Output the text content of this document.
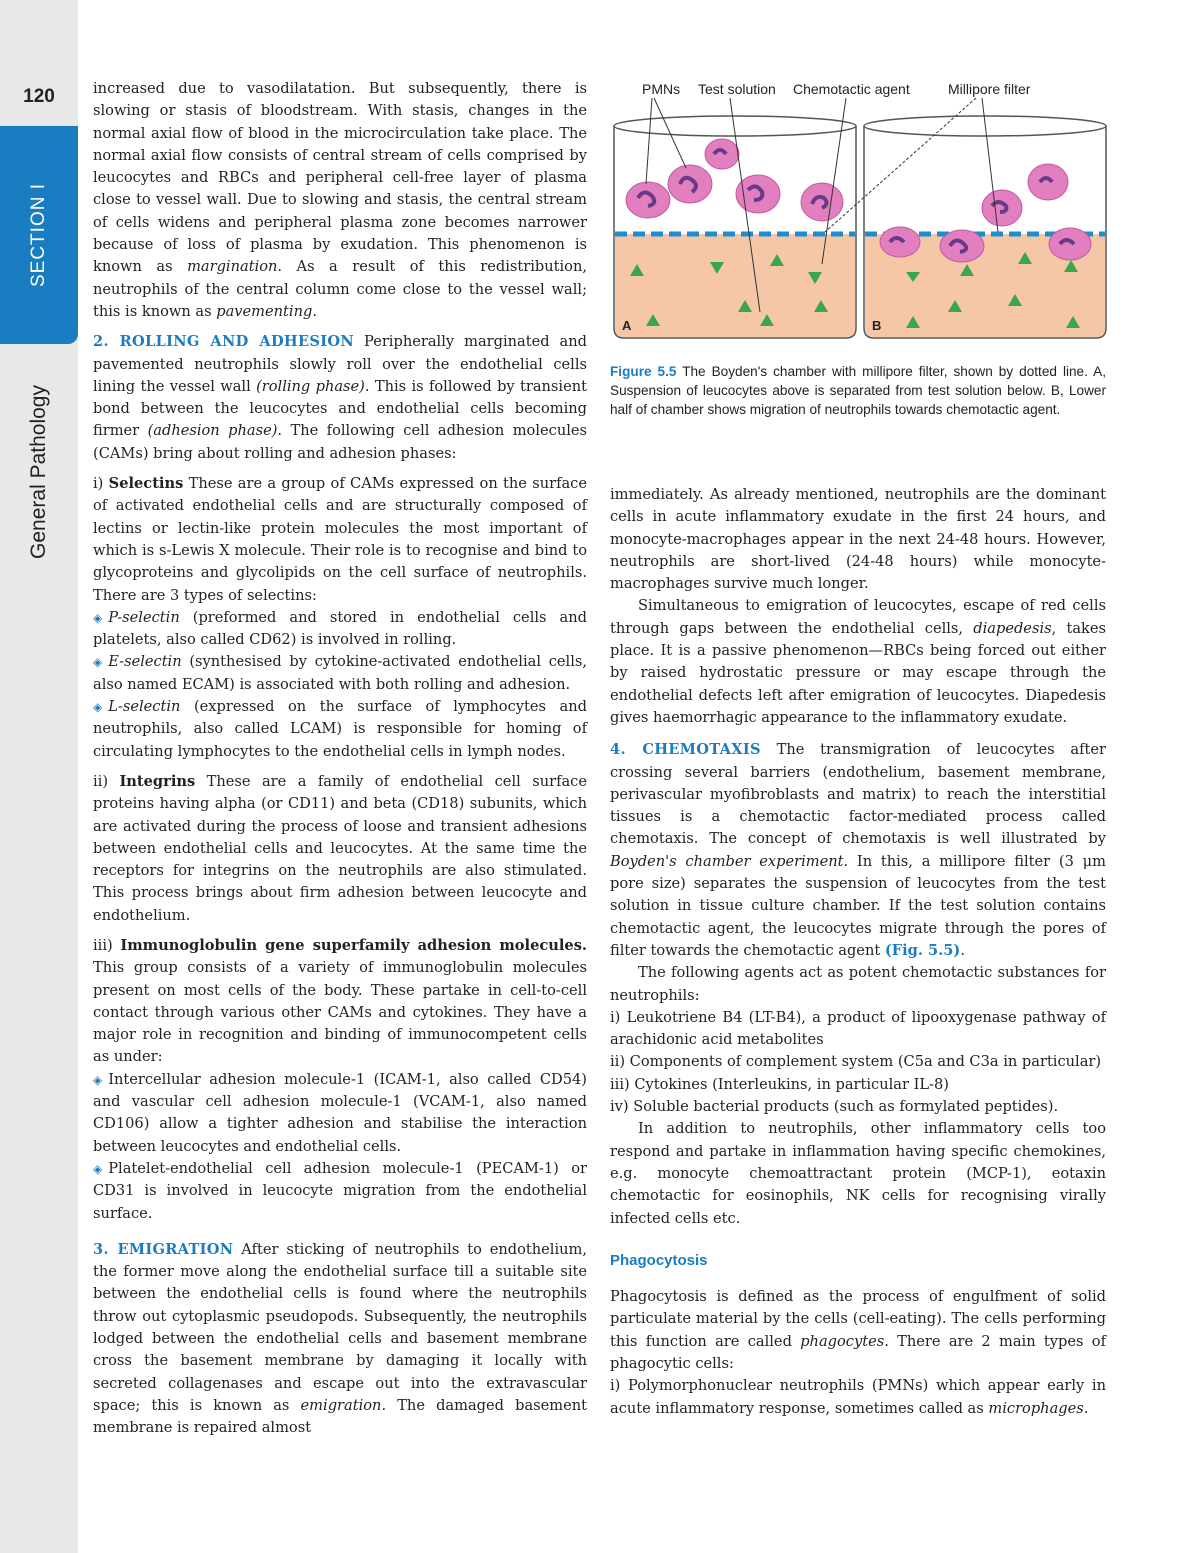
120
SECTION I
General Pathology

increased due to vasodilatation. But subsequently, there is slowing or stasis of bloodstream. With stasis, changes in the normal axial flow of blood in the microcirculation take place. The normal axial flow consists of central stream of cells comprised by leucocytes and RBCs and peripheral cell-free layer of plasma close to vessel wall. Due to slowing and stasis, the central stream of cells widens and peripheral plasma zone becomes narrower because of loss of plasma by exudation. This phenomenon is known as margination. As a result of this redistribution, neutrophils of the central column come close to the vessel wall; this is known as pavementing.

2. ROLLING AND ADHESION Peripherally marginated and pavemented neutrophils slowly roll over the endothelial cells lining the vessel wall (rolling phase). This is followed by transient bond between the leucocytes and endothelial cells becoming firmer (adhesion phase). The following cell adhesion molecules (CAMs) bring about rolling and adhesion phases:

i) Selectins These are a group of CAMs expressed on the surface of activated endothelial cells and are structurally composed of lectins or lectin-like protein molecules the most important of which is s-Lewis X molecule. Their role is to recognise and bind to glycoproteins and glycolipids on the cell surface of neutrophils. There are 3 types of selectins:

◈ P-selectin (preformed and stored in endothelial cells and platelets, also called CD62) is involved in rolling.

◈ E-selectin (synthesised by cytokine-activated endothelial cells, also named ECAM) is associated with both rolling and adhesion.

◈ L-selectin (expressed on the surface of lymphocytes and neutrophils, also called LCAM) is responsible for homing of circulating lymphocytes to the endothelial cells in lymph nodes.

ii) Integrins These are a family of endothelial cell surface proteins having alpha (or CD11) and beta (CD18) subunits, which are activated during the process of loose and transient adhesions between endothelial cells and leucocytes. At the same time the receptors for integrins on the neutrophils are also stimulated. This process brings about firm adhesion between leucocyte and endothelium.

iii) Immunoglobulin gene superfamily adhesion molecules. This group consists of a variety of immunoglobulin molecules present on most cells of the body. These partake in cell-to-cell contact through various other CAMs and cytokines. They have a major role in recognition and binding of immunocompetent cells as under:

◈ Intercellular adhesion molecule-1 (ICAM-1, also called CD54) and vascular cell adhesion molecule-1 (VCAM-1, also named CD106) allow a tighter adhesion and stabilise the interaction between leucocytes and endothelial cells.

◈ Platelet-endothelial cell adhesion molecule-1 (PECAM-1) or CD31 is involved in leucocyte migration from the endothelial surface.

3. EMIGRATION After sticking of neutrophils to endothelium, the former move along the endothelial surface till a suitable site between the endothelial cells is found where the neutrophils throw out cytoplasmic pseudopods. Subsequently, the neutrophils lodged between the endothelial cells and basement membrane cross the basement membrane by damaging it locally with secreted collagenases and escape out into the extravascular space; this is known as emigration. The damaged basement membrane is repaired almost

PMNs Test solution Chemotactic agent	Millipore filter
A	B
Figure 5.5 The Boyden's chamber with millipore filter, shown by dotted line. A, Suspension of leucocytes above is separated from test solution below. B, Lower half of chamber shows migration of neutrophils towards chemotactic agent.

immediately. As already mentioned, neutrophils are the dominant cells in acute inflammatory exudate in the first 24 hours, and monocyte-macrophages appear in the next 24-48 hours. However, neutrophils are short-lived (24-48 hours) while monocyte-macrophages survive much longer.

Simultaneous to emigration of leucocytes, escape of red cells through gaps between the endothelial cells, diapedesis, takes place. It is a passive phenomenon—RBCs being forced out either by raised hydrostatic pressure or may escape through the endothelial defects left after emigration of leucocytes. Diapedesis gives haemorrhagic appearance to the inflammatory exudate.

4. CHEMOTAXIS The transmigration of leucocytes after crossing several barriers (endothelium, basement membrane, perivascular myofibroblasts and matrix) to reach the interstitial tissues is a chemotactic factor-mediated process called chemotaxis. The concept of chemotaxis is well illustrated by Boyden's chamber experiment. In this, a millipore filter (3 μm pore size) separates the suspension of leucocytes from the test solution in tissue culture chamber. If the test solution contains chemotactic agent, the leucocytes migrate through the pores of filter towards the chemotactic agent (Fig. 5.5).

The following agents act as potent chemotactic substances for neutrophils:

i) Leukotriene B4 (LT-B4), a product of lipooxygenase pathway of arachidonic acid metabolites

ii) Components of complement system (C5a and C3a in particular)

iii) Cytokines (Interleukins, in particular IL-8)

iv) Soluble bacterial products (such as formylated peptides).

In addition to neutrophils, other inflammatory cells too respond and partake in inflammation having specific chemokines, e.g. monocyte chemoattractant protein (MCP-1), eotaxin chemotactic for eosinophils, NK cells for recognising virally infected cells etc.

Phagocytosis

Phagocytosis is defined as the process of engulfment of solid particulate material by the cells (cell-eating). The cells performing this function are called phagocytes. There are 2 main types of phagocytic cells:

i) Polymorphonuclear neutrophils (PMNs) which appear early in acute inflammatory response, sometimes called as microphages.
